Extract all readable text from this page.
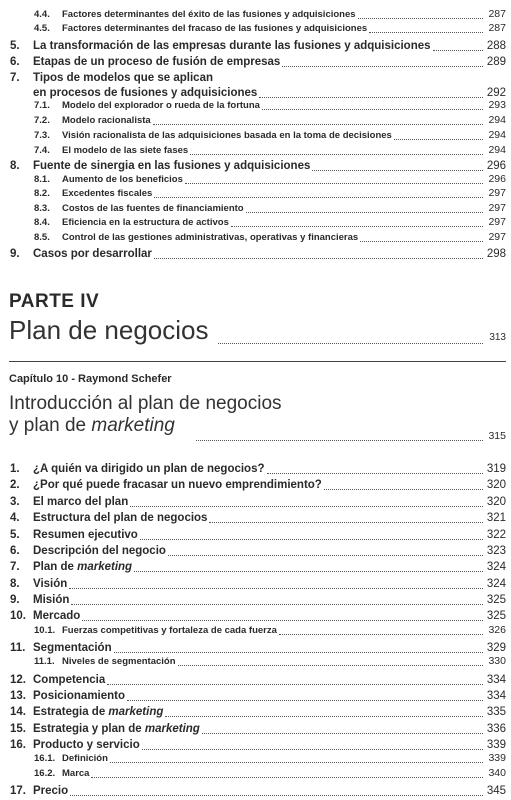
4.4. Factores determinantes del éxito de las fusiones y adquisiciones	287
4.5. Factores determinantes del fracaso de las fusiones y adquisiciones	287
5. La transformación de las empresas durante las fusiones y adquisiciones	288
6. Etapas de un proceso de fusión de empresas	289
7. Tipos de modelos que se aplican
en procesos de fusiones y adquisiciones	292
7.1. Modelo del explorador o rueda de la fortuna	293
7.2. Modelo racionalista	294
7.3. Visión racionalista de las adquisiciones basada en la toma de decisiones	294
7.4. El modelo de las siete fases	294
8. Fuente de sinergia en las fusiones y adquisiciones	296
8.1. Aumento de los beneficios	296
8.2. Excedentes fiscales	297
8.3. Costos de las fuentes de financiamiento	297
8.4. Eficiencia en la estructura de activos	297
8.5. Control de las gestiones administrativas, operativas y financieras	297
9. Casos por desarrollar	298
PARTE IV
Plan de negocios	313
Capítulo 10 - Raymond Schefer
Introducción al plan de negocios
y plan de marketing	315
1. ¿A quién va dirigido un plan de negocios?	319
2. ¿Por qué puede fracasar un nuevo emprendimiento?	320
3. El marco del plan	320
4. Estructura del plan de negocios	321
5. Resumen ejecutivo	322
6. Descripción del negocio	323
7. Plan de marketing	324
8. Visión	324
9. Misión	325
10. Mercado	325
10.1. Fuerzas competitivas y fortaleza de cada fuerza	326
11. Segmentación	329
11.1. Niveles de segmentación	330
12. Competencia	334
13. Posicionamiento	334
14. Estrategia de marketing	335
15. Estrategia y plan de marketing	336
16. Producto y servicio	339
16.1. Definición	339
16.2. Marca	340
17. Precio	345
